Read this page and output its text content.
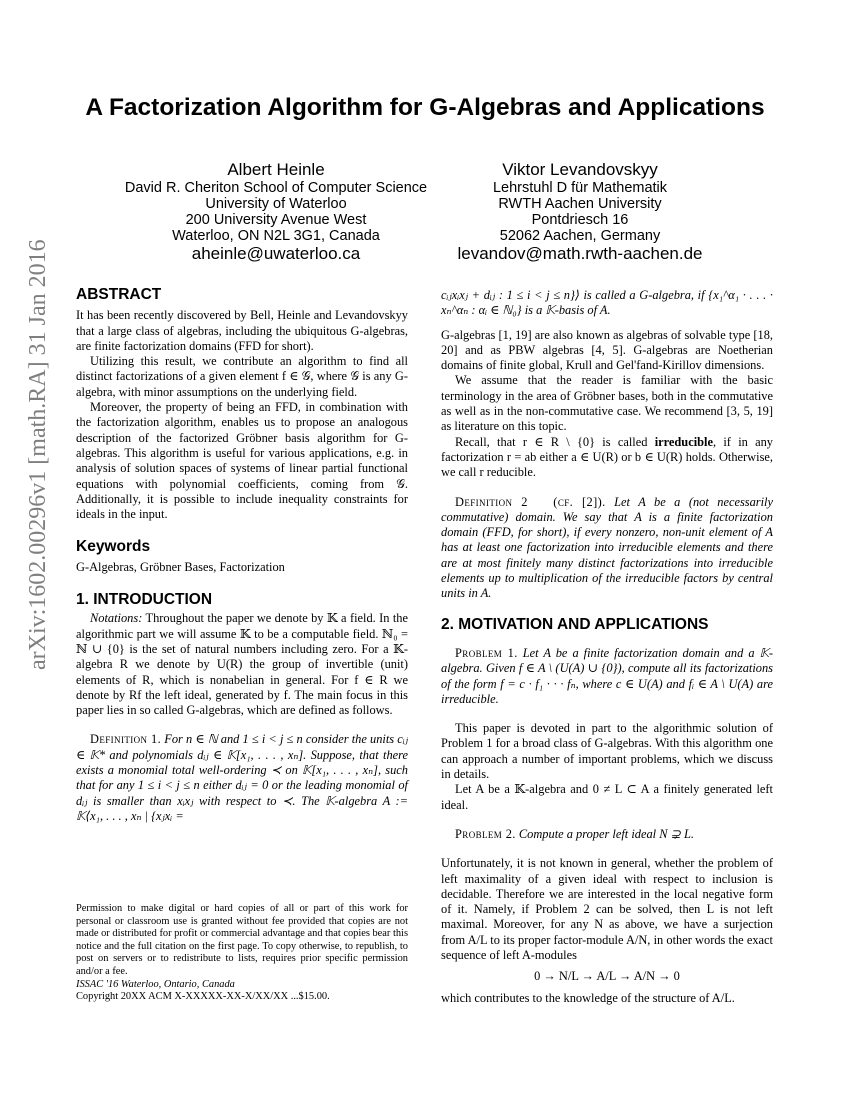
arXiv:1602.00296v1 [math.RA] 31 Jan 2016
A Factorization Algorithm for G-Algebras and Applications
Albert Heinle
David R. Cheriton School of Computer Science
University of Waterloo
200 University Avenue West
Waterloo, ON N2L 3G1, Canada
aheinle@uwaterloo.ca
Viktor Levandovskyy
Lehrstuhl D für Mathematik
RWTH Aachen University
Pontdriesch 16
52062 Aachen, Germany
levandov@math.rwth-aachen.de
ABSTRACT

It has been recently discovered by Bell, Heinle and Levandovskyy that a large class of algebras, including the ubiquitous G-algebras, are finite factorization domains (FFD for short).

Utilizing this result, we contribute an algorithm to find all distinct factorizations of a given element f ∈ 𝒢, where 𝒢 is any G-algebra, with minor assumptions on the underlying field.

Moreover, the property of being an FFD, in combination with the factorization algorithm, enables us to propose an analogous description of the factorized Gröbner basis algorithm for G-algebras. This algorithm is useful for various applications, e.g. in analysis of solution spaces of systems of linear partial functional equations with polynomial coefficients, coming from 𝒢. Additionally, it is possible to include inequality constraints for ideals in the input.

Keywords

G-Algebras, Gröbner Bases, Factorization

1. INTRODUCTION

Notations: Throughout the paper we denote by 𝕂 a field. In the algorithmic part we will assume 𝕂 to be a computable field. ℕ₀ = ℕ ∪ {0} is the set of natural numbers including zero. For a 𝕂-algebra R we denote by U(R) the group of invertible (unit) elements of R, which is nonabelian in general. For f ∈ R we denote by Rf the left ideal, generated by f. The main focus in this paper lies in so called G-algebras, which are defined as follows.

Definition 1. For n ∈ ℕ and 1 ≤ i < j ≤ n consider the units cᵢⱼ ∈ 𝕂* and polynomials dᵢⱼ ∈ 𝕂[x₁, . . . , xₙ]. Suppose, that there exists a monomial total well-ordering ≺ on 𝕂[x₁, . . . , xₙ], such that for any 1 ≤ i < j ≤ n either dᵢⱼ = 0 or the leading monomial of dᵢⱼ is smaller than xᵢxⱼ with respect to ≺. The 𝕂-algebra A := 𝕂⟨x₁, . . . , xₙ | {xⱼxᵢ =

Permission to make digital or hard copies of all or part of this work for personal or classroom use is granted without fee provided that copies are not made or distributed for profit or commercial advantage and that copies bear this notice and the full citation on the first page. To copy otherwise, to republish, to post on servers or to redistribute to lists, requires prior specific permission and/or a fee.
ISSAC '16 Waterloo, Ontario, Canada
Copyright 20XX ACM X-XXXXX-XX-X/XX/XX ...$15.00.

cᵢⱼxᵢxⱼ + dᵢⱼ : 1 ≤ i < j ≤ n}⟩ is called a G-algebra, if {x₁^α₁ · . . . · xₙ^αₙ : αᵢ ∈ ℕ₀} is a 𝕂-basis of A.

G-algebras [1, 19] are also known as algebras of solvable type [18, 20] and as PBW algebras [4, 5]. G-algebras are Noetherian domains of finite global, Krull and Gel'fand-Kirillov dimensions.

We assume that the reader is familiar with the basic terminology in the area of Gröbner bases, both in the commutative as well as in the non-commutative case. We recommend [3, 5, 19] as literature on this topic.

Recall, that r ∈ R \ {0} is called irreducible, if in any factorization r = ab either a ∈ U(R) or b ∈ U(R) holds. Otherwise, we call r reducible.

Definition 2 (cf. [2]). Let A be a (not necessarily commutative) domain. We say that A is a finite factorization domain (FFD, for short), if every nonzero, non-unit element of A has at least one factorization into irreducible elements and there are at most finitely many distinct factorizations into irreducible elements up to multiplication of the irreducible factors by central units in A.

2. MOTIVATION AND APPLICATIONS

Problem 1. Let A be a finite factorization domain and a 𝕂-algebra. Given f ∈ A \ (U(A) ∪ {0}), compute all its factorizations of the form f = c · f₁ · · · fₙ, where c ∈ U(A) and fᵢ ∈ A \ U(A) are irreducible.

This paper is devoted in part to the algorithmic solution of Problem 1 for a broad class of G-algebras. With this algorithm one can approach a number of important problems, which we discuss in details.

Let A be a 𝕂-algebra and 0 ≠ L ⊂ A a finitely generated left ideal.

Problem 2. Compute a proper left ideal N ⊋ L.

Unfortunately, it is not known in general, whether the problem of left maximality of a given ideal with respect to inclusion is decidable. Therefore we are interested in the local negative form of it. Namely, if Problem 2 can be solved, then L is not left maximal. Moreover, for any N as above, we have a surjection from A/L to its proper factor-module A/N, in other words the exact sequence of left A-modules

0 → N/L → A/L → A/N → 0

which contributes to the knowledge of the structure of A/L.
